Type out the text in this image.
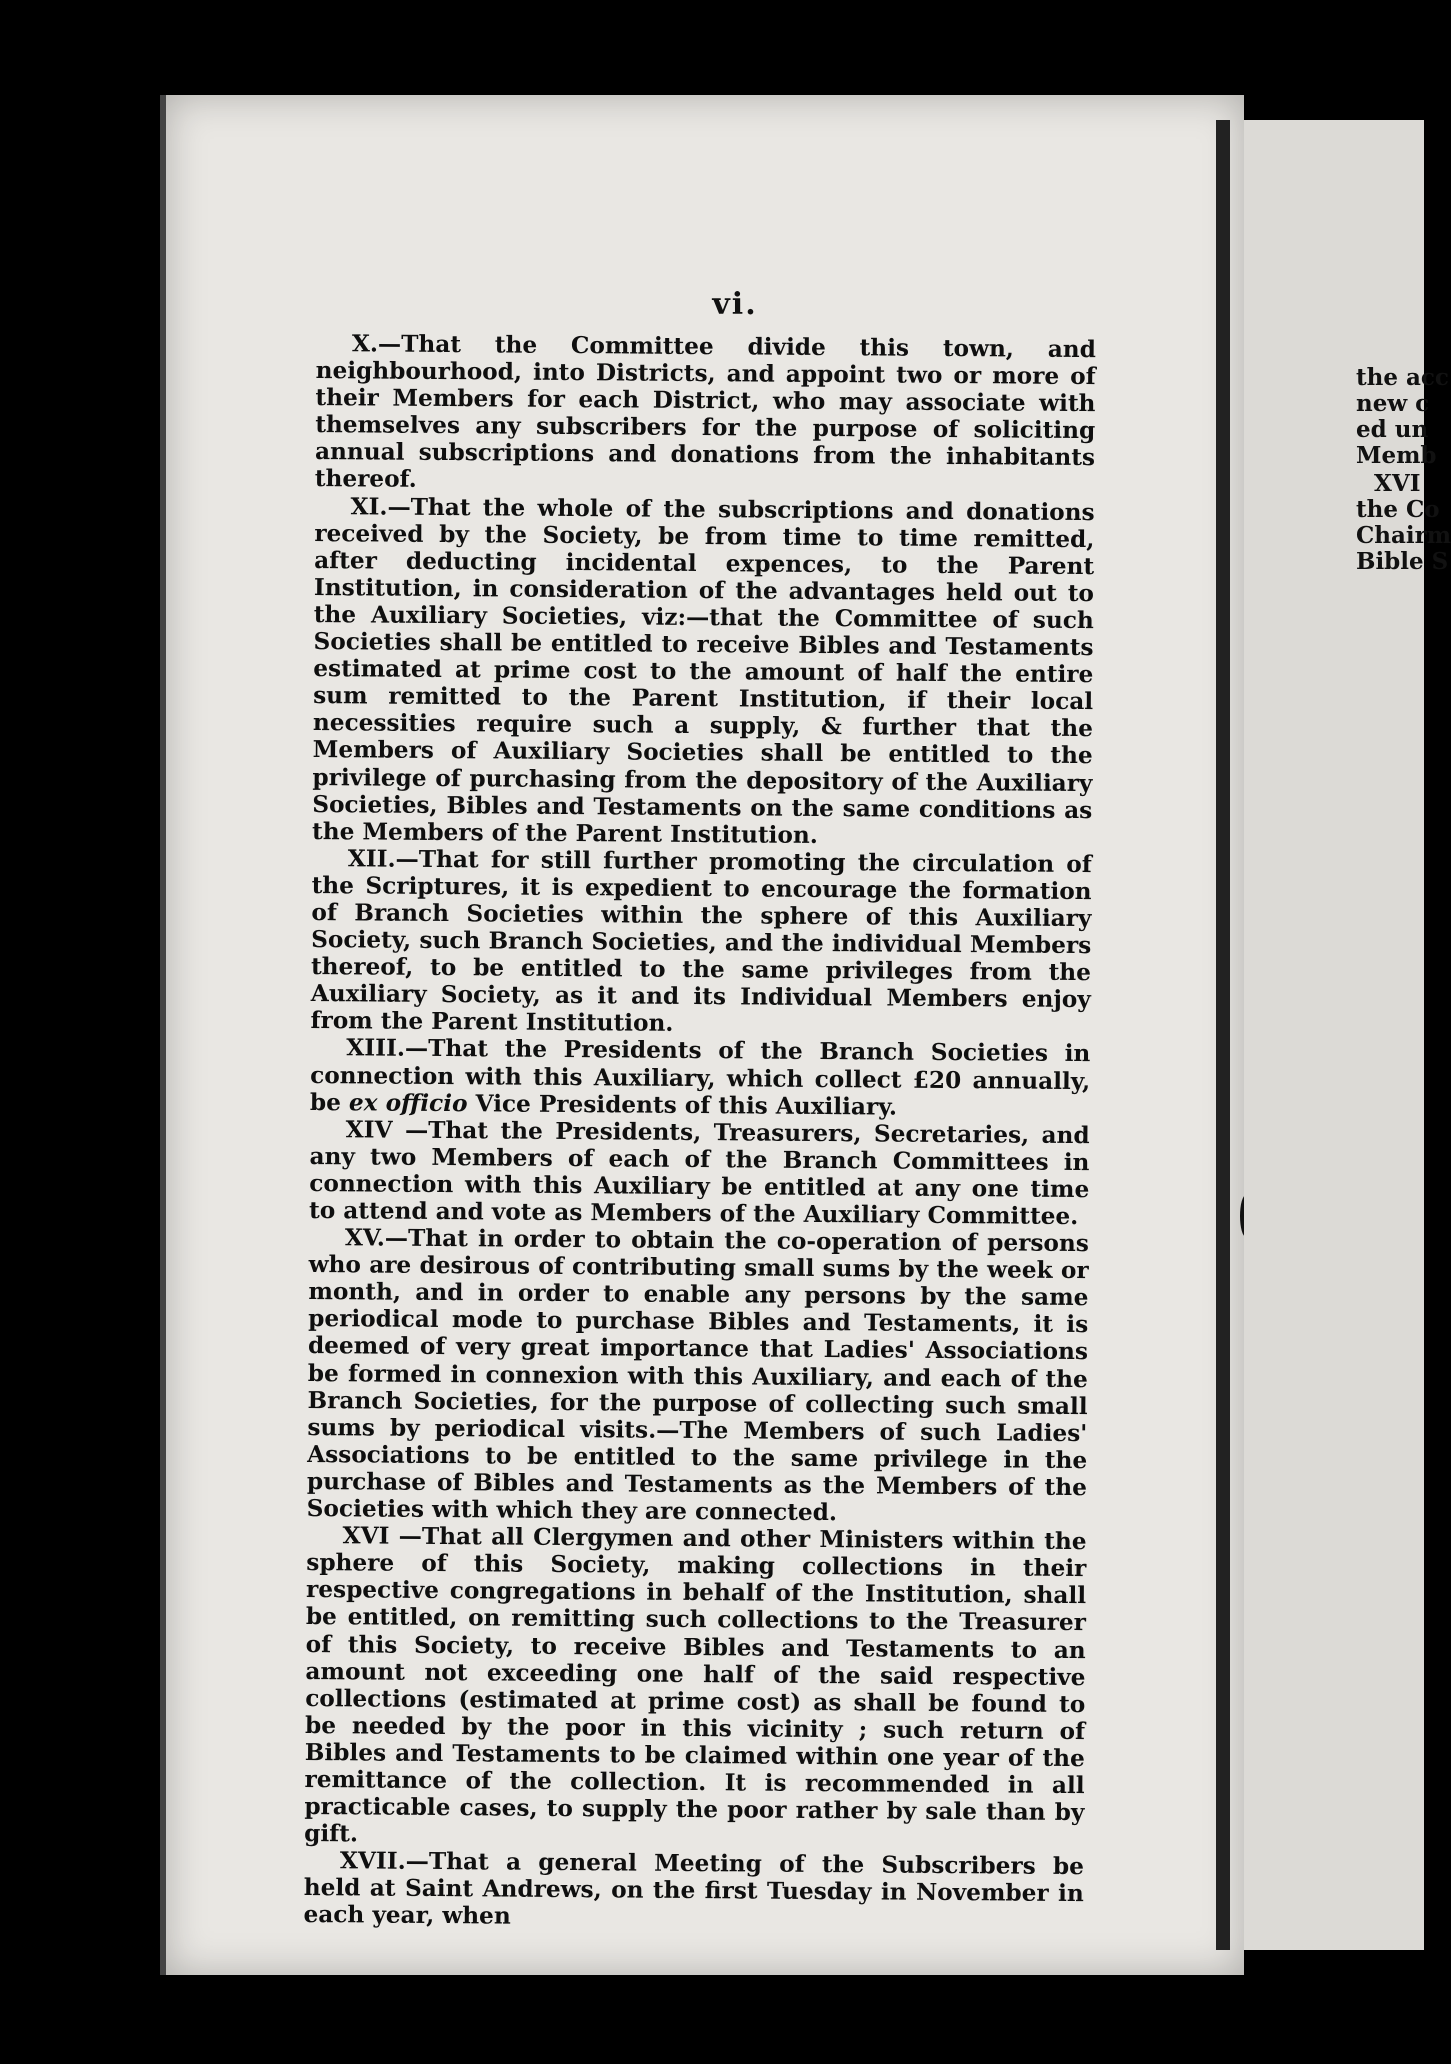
vi.

X.—That the Committee divide this town, and neighbourhood, into Districts, and appoint two or more of their Members for each District, who may associate with themselves any subscribers for the purpose of soliciting annual subscriptions and donations from the inhabitants thereof.

XI.—That the whole of the subscriptions and donations received by the Society, be from time to time remitted, after deducting incidental expences, to the Parent Institution, in consideration of the advantages held out to the Auxiliary Societies, viz:—that the Committee of such Societies shall be entitled to receive Bibles and Testaments estimated at prime cost to the amount of half the entire sum remitted to the Parent Institution, if their local necessities require such a supply, & further that the Members of Auxiliary Societies shall be entitled to the privilege of purchasing from the depository of the Auxiliary Societies, Bibles and Testaments on the same conditions as the Members of the Parent Institution.

XII.—That for still further promoting the circulation of the Scriptures, it is expedient to encourage the formation of Branch Societies within the sphere of this Auxiliary Society, such Branch Societies, and the individual Members thereof, to be entitled to the same privileges from the Auxiliary Society, as it and its Individual Members enjoy from the Parent Institution.

XIII.—That the Presidents of the Branch Societies in connection with this Auxiliary, which collect £20 annually, be ex officio Vice Presidents of this Auxiliary.

XIV —That the Presidents, Treasurers, Secretaries, and any two Members of each of the Branch Committees in connection with this Auxiliary be entitled at any one time to attend and vote as Members of the Auxiliary Committee.

XV.—That in order to obtain the co-operation of persons who are desirous of contributing small sums by the week or month, and in order to enable any persons by the same periodical mode to purchase Bibles and Testaments, it is deemed of very great importance that Ladies' Associations be formed in connexion with this Auxiliary, and each of the Branch Societies, for the purpose of collecting such small sums by periodical visits.—The Members of such Ladies' Associations to be entitled to the same privilege in the purchase of Bibles and Testaments as the Members of the Societies with which they are connected.

XVI —That all Clergymen and other Ministers within the sphere of this Society, making collections in their respective congregations in behalf of the Institution, shall be entitled, on remitting such collections to the Treasurer of this Society, to receive Bibles and Testaments to an amount not exceeding one half of the said respective collections (estimated at prime cost) as shall be found to be needed by the poor in this vicinity ; such return of Bibles and Testaments to be claimed within one year of the remittance of the collection. It is recommended in all practicable cases, to supply the poor rather by sale than by gift.

XVII.—That a general Meeting of the Subscribers be held at Saint Andrews, on the first Tuesday in November in each year, when

the acc
new c
ed un
Memb
XVI
the Co
Chairm
Bible S
